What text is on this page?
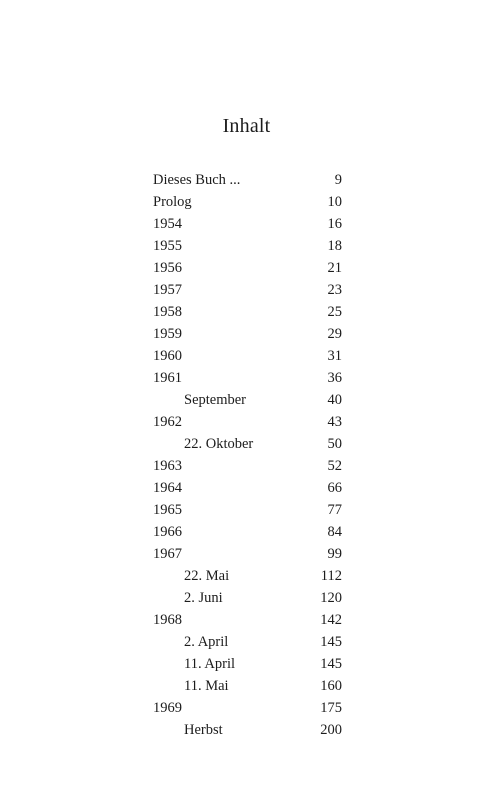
Inhalt
Dieses Buch ...	9
Prolog	10
1954	16
1955	18
1956	21
1957	23
1958	25
1959	29
1960	31
1961	36
September	40
1962	43
22. Oktober	50
1963	52
1964	66
1965	77
1966	84
1967	99
22. Mai	112
2. Juni	120
1968	142
2. April	145
11. April	145
11. Mai	160
1969	175
Herbst	200
